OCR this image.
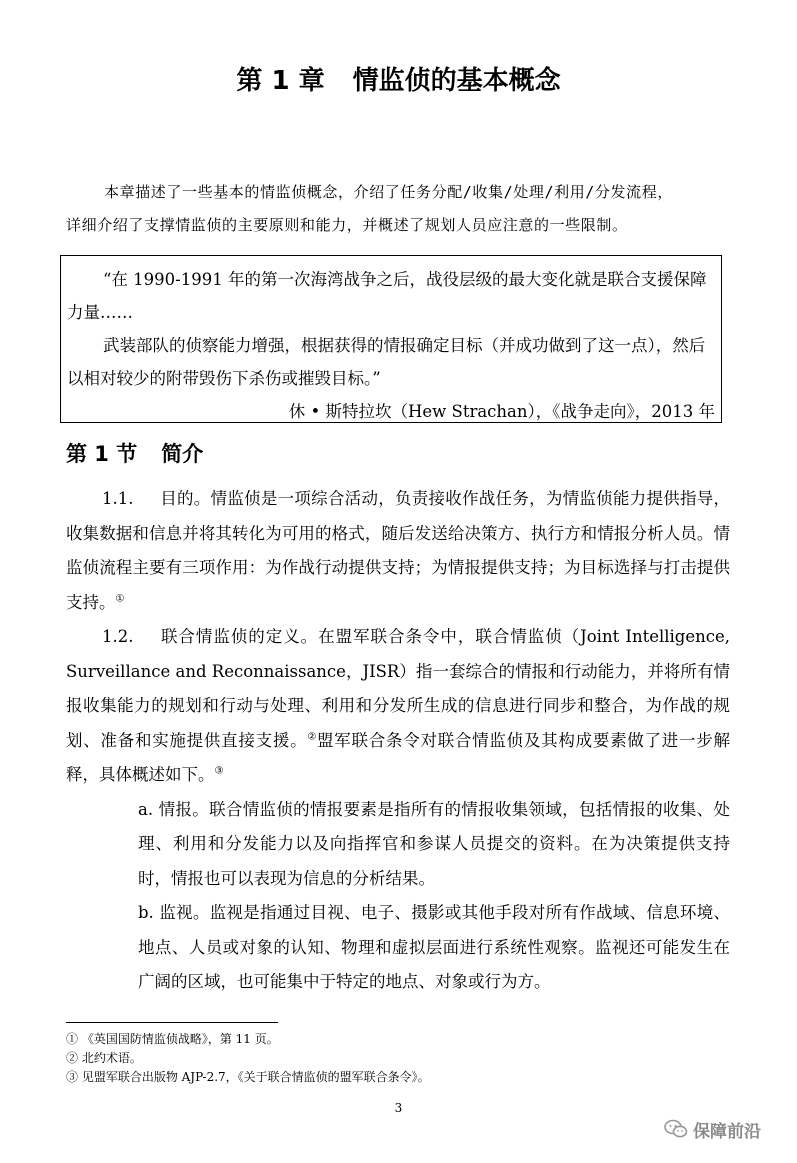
第 1 章 情监侦的基本概念
本章描述了一些基本的情监侦概念，介绍了任务分配/收集/处理/利用/分发流程，
详细介绍了支撑情监侦的主要原则和能力，并概述了规划人员应注意的一些限制。

“在 1990-1991 年的第一次海湾战争之后，战役层级的最大变化就是联合支援保障力量……

武装部队的侦察能力增强，根据获得的情报确定目标（并成功做到了这一点），然后以相对较少的附带毁伤下杀伤或摧毁目标。”

休 • 斯特拉坎（Hew Strachan），《战争走向》，2013 年

第 1 节 简介

1.1. 目的。情监侦是一项综合活动，负责接收作战任务，为情监侦能力提供指导，收集数据和信息并将其转化为可用的格式，随后发送给决策方、执行方和情报分析人员。情监侦流程主要有三项作用：为作战行动提供支持；为情报提供支持；为目标选择与打击提供支持。①

1.2. 联合情监侦的定义。在盟军联合条令中，联合情监侦（Joint Intelligence, Surveillance and Reconnaissance，JISR）指一套综合的情报和行动能力，并将所有情报收集能力的规划和行动与处理、利用和分发所生成的信息进行同步和整合，为作战的规划、准备和实施提供直接支援。②盟军联合条令对联合情监侦及其构成要素做了进一步解释，具体概述如下。③

a. 情报。联合情监侦的情报要素是指所有的情报收集领域，包括情报的收集、处理、利用和分发能力以及向指挥官和参谋人员提交的资料。在为决策提供支持时，情报也可以表现为信息的分析结果。

b. 监视。监视是指通过目视、电子、摄影或其他手段对所有作战域、信息环境、地点、人员或对象的认知、物理和虚拟层面进行系统性观察。监视还可能发生在广阔的区域，也可能集中于特定的地点、对象或行为方。

① 《英国国防情监侦战略》，第 11 页。
② 北约术语。
③ 见盟军联合出版物 AJP-2.7，《关于联合情监侦的盟军联合条令》。
3
保障前沿
